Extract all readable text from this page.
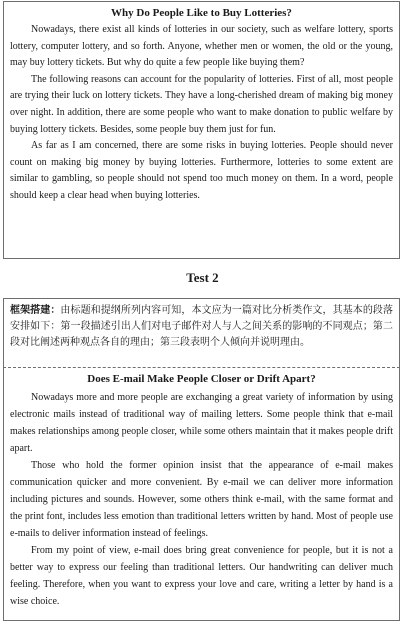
Why Do People Like to Buy Lotteries?

Nowadays, there exist all kinds of lotteries in our society, such as welfare lottery, sports lottery, computer lottery, and so forth. Anyone, whether men or women, the old or the young, may buy lottery tickets. But why do quite a few people like buying them?

The following reasons can account for the popularity of lotteries. First of all, most people are trying their luck on lottery tickets. They have a long-cherished dream of making big money over night. In addition, there are some people who want to make donation to public welfare by buying lottery tickets. Besides, some people buy them just for fun.

As far as I am concerned, there are some risks in buying lotteries. People should never count on making big money by buying lotteries. Furthermore, lotteries to some extent are similar to gambling, so people should not spend too much money on them. In a word, people should keep a clear head when buying lotteries.

Test 2

框架搭建：由标题和提纲所列内容可知，本文应为一篇对比分析类作文，其基本的段落安排如下：第一段描述引出人们对电子邮件对人与人之间关系的影响的不同观点；第二段对比阐述两种观点各自的理由；第三段表明个人倾向并说明理由。

Does E-mail Make People Closer or Drift Apart?

Nowadays more and more people are exchanging a great variety of information by using electronic mails instead of traditional way of mailing letters. Some people think that e-mail makes relationships among people closer, while some others maintain that it makes people drift apart.

Those who hold the former opinion insist that the appearance of e-mail makes communication quicker and more convenient. By e-mail we can deliver more information including pictures and sounds. However, some others think e-mail, with the same format and the print font, includes less emotion than traditional letters written by hand. Most of people use e-mails to deliver information instead of feelings.

From my point of view, e-mail does bring great convenience for people, but it is not a better way to express our feeling than traditional letters. Our handwriting can deliver much feeling. Therefore, when you want to express your love and care, writing a letter by hand is a wise choice.
